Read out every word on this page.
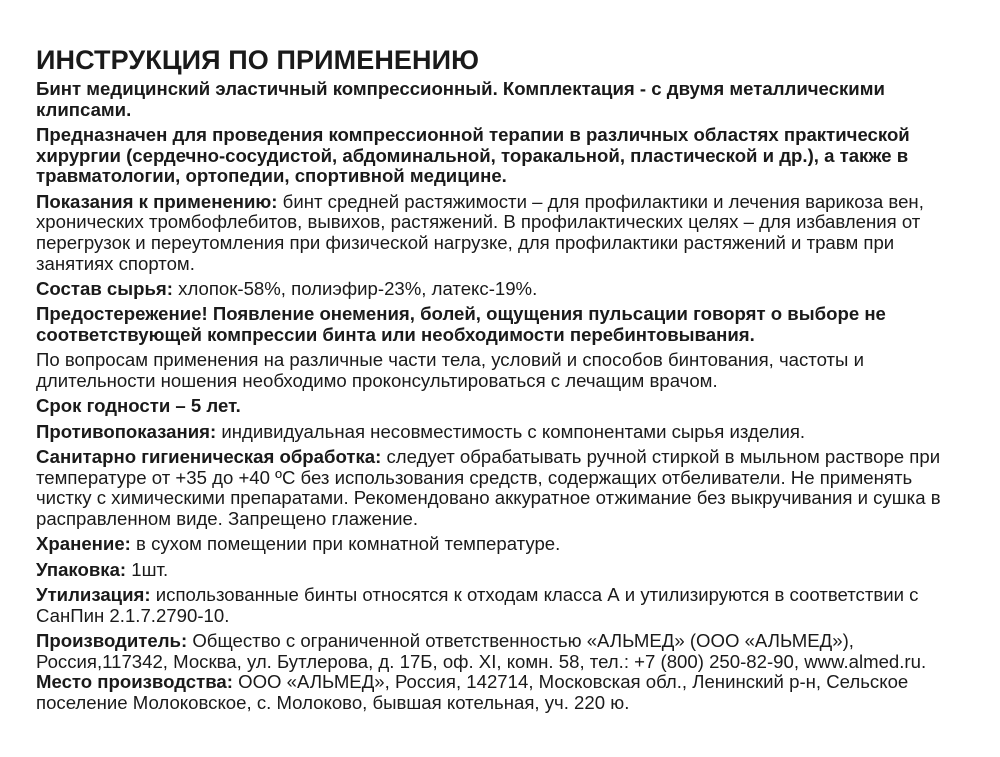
ИНСТРУКЦИЯ ПО ПРИМЕНЕНИЮ
Бинт медицинский эластичный компрессионный. Комплектация - с двумя металлическими клипсами.
Предназначен для проведения компрессионной терапии в различных областях практической хирургии (сердечно-сосудистой, абдоминальной, торакальной, пластической и др.), а также в травматологии, ортопедии, спортивной медицине.
Показания к применению: бинт средней растяжимости – для профилактики и лечения варикоза вен, хронических тромбофлебитов, вывихов, растяжений. В профилактических целях – для избавления от перегрузок и переутомления при физической нагрузке, для профилактики растяжений и травм при занятиях спортом.
Состав сырья: хлопок-58%, полиэфир-23%, латекс-19%.
Предостережение! Появление онемения, болей, ощущения пульсации говорят о выборе не соответствующей компрессии бинта или необходимости перебинтовывания.
По вопросам применения на различные части тела, условий и способов бинтования, частоты и длительности ношения необходимо проконсультироваться с лечащим врачом.
Срок годности – 5 лет.
Противопоказания: индивидуальная несовместимость с компонентами сырья изделия.
Санитарно гигиеническая обработка: следует обрабатывать ручной стиркой в мыльном растворе при температуре от +35 до +40 ºС без использования средств, содержащих отбеливатели. Не применять чистку с химическими препаратами. Рекомендовано аккуратное отжимание без выкручивания и сушка в расправленном виде. Запрещено глажение.
Хранение: в сухом помещении при комнатной температуре.
Упаковка: 1шт.
Утилизация: использованные бинты относятся к отходам класса А и утилизируются в соответствии с СанПин 2.1.7.2790-10.
Производитель: Общество с ограниченной ответственностью «АЛЬМЕД» (ООО «АЛЬМЕД»), Россия,117342, Москва, ул. Бутлерова, д. 17Б, оф. XI, комн. 58, тел.: +7 (800) 250-82-90, www.almed.ru. Место производства: ООО «АЛЬМЕД», Россия, 142714, Московская обл., Ленинский р-н, Сельское поселение Молоковское, с. Молоково, бывшая котельная, уч. 220 ю.
